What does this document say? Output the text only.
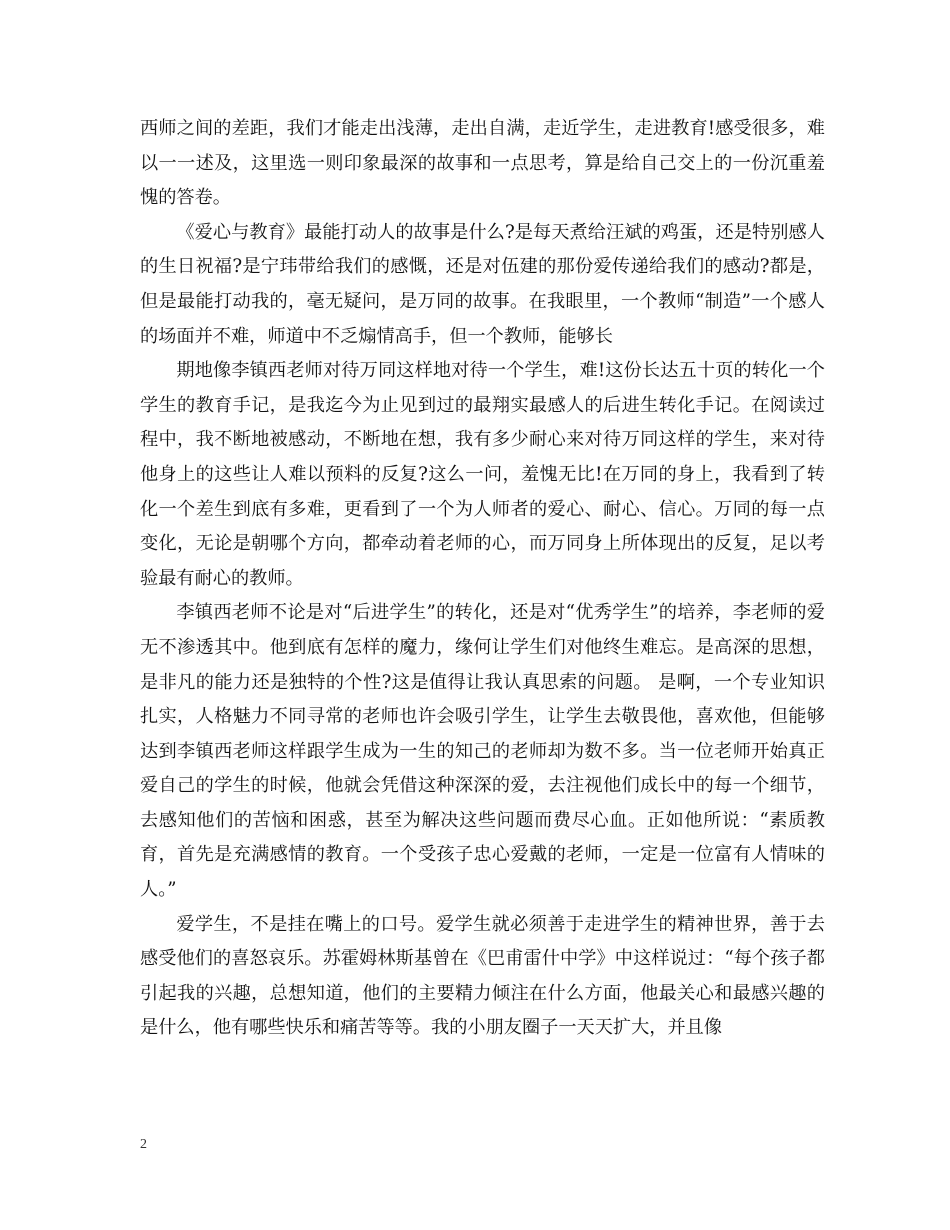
西师之间的差距，我们才能走出浅薄，走出自满，走近学生，走进教育!感受很多，难以一一述及，这里选一则印象最深的故事和一点思考，算是给自己交上的一份沉重羞愧的答卷。

《爱心与教育》最能打动人的故事是什么?是每天煮给汪斌的鸡蛋，还是特别感人的生日祝福?是宁玮带给我们的感慨，还是对伍建的那份爱传递给我们的感动?都是，但是最能打动我的，毫无疑问，是万同的故事。在我眼里，一个教师“制造”一个感人的场面并不难，师道中不乏煽情高手，但一个教师，能够长

期地像李镇西老师对待万同这样地对待一个学生，难!这份长达五十页的转化一个学生的教育手记，是我迄今为止见到过的最翔实最感人的后进生转化手记。在阅读过程中，我不断地被感动，不断地在想，我有多少耐心来对待万同这样的学生，来对待他身上的这些让人难以预料的反复?这么一问，羞愧无比!在万同的身上，我看到了转化一个差生到底有多难，更看到了一个为人师者的爱心、耐心、信心。万同的每一点变化，无论是朝哪个方向，都牵动着老师的心，而万同身上所体现出的反复，足以考验最有耐心的教师。

李镇西老师不论是对“后进学生”的转化，还是对“优秀学生”的培养，李老师的爱无不渗透其中。他到底有怎样的魔力，缘何让学生们对他终生难忘。是高深的思想，是非凡的能力还是独特的个性?这是值得让我认真思索的问题。 是啊，一个专业知识扎实，人格魅力不同寻常的老师也许会吸引学生，让学生去敬畏他，喜欢他，但能够达到李镇西老师这样跟学生成为一生的知己的老师却为数不多。当一位老师开始真正爱自己的学生的时候，他就会凭借这种深深的爱，去注视他们成长中的每一个细节，去感知他们的苦恼和困惑，甚至为解决这些问题而费尽心血。正如他所说：“素质教育，首先是充满感情的教育。一个受孩子忠心爱戴的老师，一定是一位富有人情味的人。”

爱学生，不是挂在嘴上的口号。爱学生就必须善于走进学生的精神世界，善于去感受他们的喜怒哀乐。苏霍姆林斯基曾在《巴甫雷什中学》中这样说过：“每个孩子都引起我的兴趣，总想知道，他们的主要精力倾注在什么方面，他最关心和最感兴趣的是什么，他有哪些快乐和痛苦等等。我的小朋友圈子一天天扩大，并且像

2
